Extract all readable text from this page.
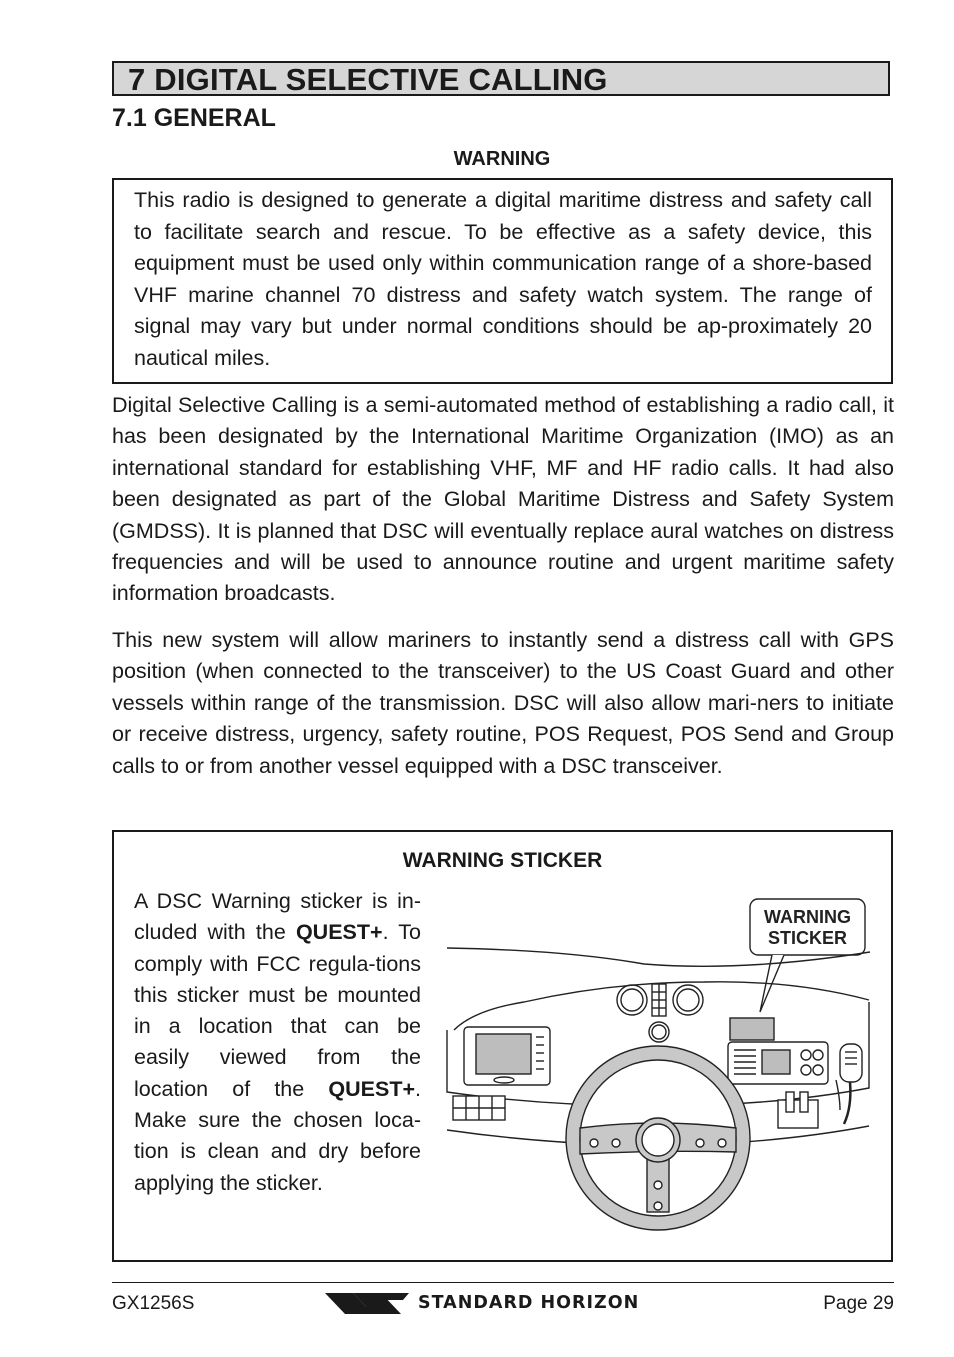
7 DIGITAL SELECTIVE CALLING
7.1 GENERAL
WARNING
This radio is designed to generate a digital maritime distress and safety call to facilitate search and rescue. To be effective as a safety device, this equipment must be used only within communication range of a shore-based VHF marine channel 70 distress and safety watch system. The range of signal may vary but under normal conditions should be ap-proximately 20 nautical miles.
Digital Selective Calling is a semi-automated method of establishing a radio call, it has been designated by the International Maritime Organization (IMO) as an international standard for establishing VHF, MF and HF radio calls. It had also been designated as part of the Global Maritime Distress and Safety System (GMDSS). It is planned that DSC will eventually replace aural watches on distress frequencies and will be used to announce routine and urgent maritime safety information broadcasts.
This new system will allow mariners to instantly send a distress call with GPS position (when connected to the transceiver) to the US Coast Guard and other vessels within range of the transmission. DSC will also allow mari-ners to initiate or receive distress, urgency, safety routine, POS Request, POS Send and Group calls to or from another vessel equipped with a DSC transceiver.
WARNING STICKER
A DSC Warning sticker is in-cluded with the QUEST+. To comply with FCC regula-tions this sticker must be mounted in a location that can be easily viewed from the location of the QUEST+. Make sure the chosen loca-tion is clean and dry before applying the sticker.
WARNING
STICKER
GX1256S	STANDARD HORIZON	Page 29
